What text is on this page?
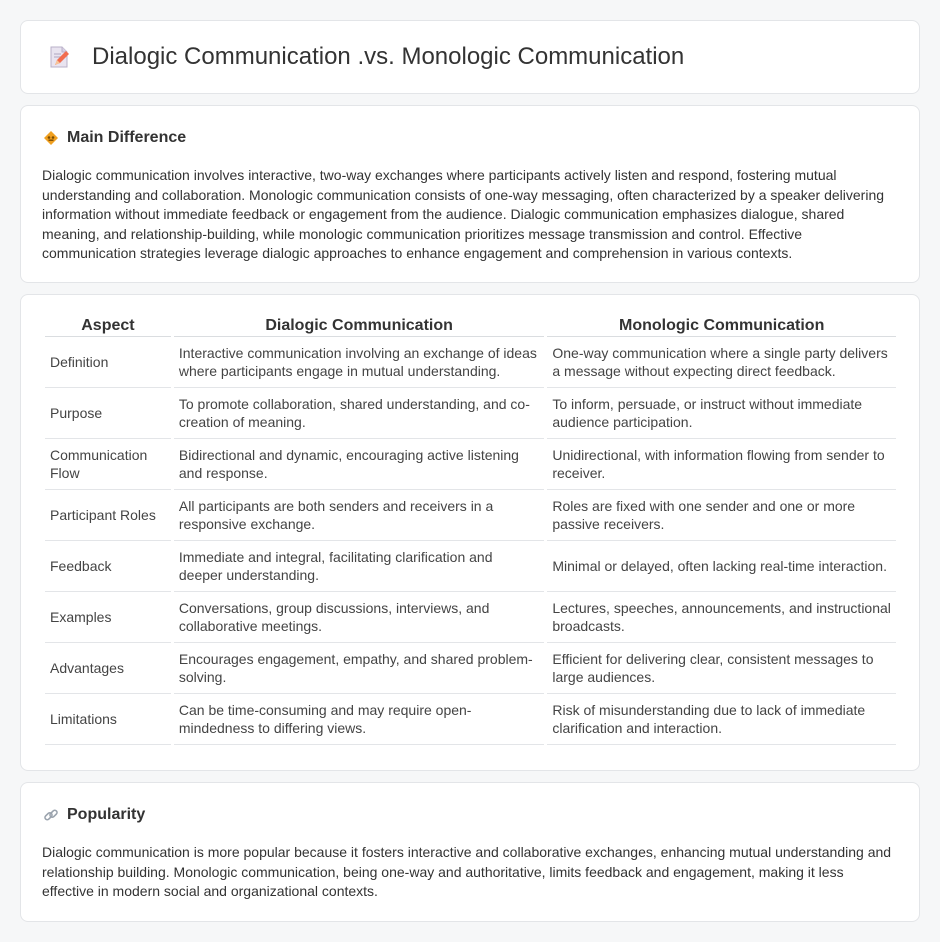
Dialogic Communication .vs. Monologic Communication
Main Difference

Dialogic communication involves interactive, two-way exchanges where participants actively listen and respond, fostering mutual understanding and collaboration. Monologic communication consists of one-way messaging, often characterized by a speaker delivering information without immediate feedback or engagement from the audience. Dialogic communication emphasizes dialogue, shared meaning, and relationship-building, while monologic communication prioritizes message transmission and control. Effective communication strategies leverage dialogic approaches to enhance engagement and comprehension in various contexts.

Aspect	Dialogic Communication	Monologic Communication
Definition	Interactive communication involving an exchange of ideas where participants engage in mutual understanding.	One-way communication where a single party delivers a message without expecting direct feedback.
Purpose	To promote collaboration, shared understanding, and co-creation of meaning.	To inform, persuade, or instruct without immediate audience participation.
Communication Flow	Bidirectional and dynamic, encouraging active listening and response.	Unidirectional, with information flowing from sender to receiver.
Participant Roles	All participants are both senders and receivers in a responsive exchange.	Roles are fixed with one sender and one or more passive receivers.
Feedback	Immediate and integral, facilitating clarification and deeper understanding.	Minimal or delayed, often lacking real-time interaction.
Examples	Conversations, group discussions, interviews, and collaborative meetings.	Lectures, speeches, announcements, and instructional broadcasts.
Advantages	Encourages engagement, empathy, and shared problem-solving.	Efficient for delivering clear, consistent messages to large audiences.
Limitations	Can be time-consuming and may require open-mindedness to differing views.	Risk of misunderstanding due to lack of immediate clarification and interaction.
Popularity

Dialogic communication is more popular because it fosters interactive and collaborative exchanges, enhancing mutual understanding and relationship building. Monologic communication, being one-way and authoritative, limits feedback and engagement, making it less effective in modern social and organizational contexts.
